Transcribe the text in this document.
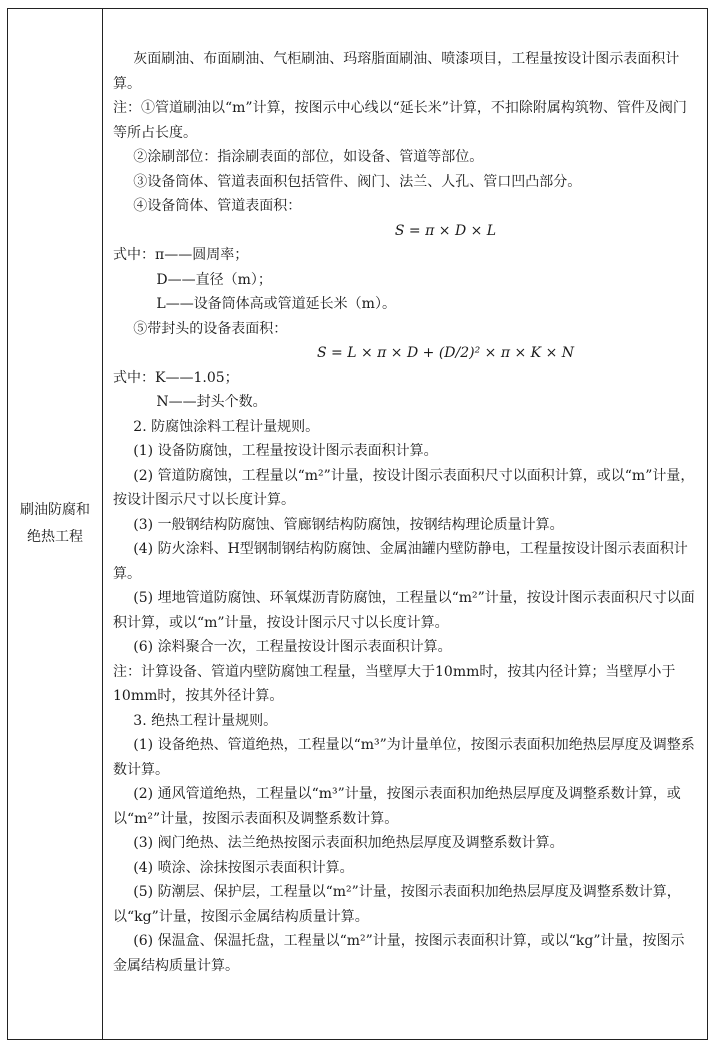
刷油防腐和绝热工程

灰面刷油、布面刷油、气柜刷油、玛瑢脂面刷油、喷漆项目，工程量按设计图示表面积计算。

注：①管道刷油以“m”计算，按图示中心线以“延长米”计算，不扣除附属构筑物、管件及阀门等所占长度。

②涂刷部位：指涂刷表面的部位，如设备、管道等部位。

③设备筒体、管道表面积包括管件、阀门、法兰、人孔、管口凹凸部分。

④设备筒体、管道表面积：

S = π × D × L

式中：π——圆周率；

D——直径（m）；

L——设备筒体高或管道延长米（m）。

⑤带封头的设备表面积：

S = L × π × D + (D/2)² × π × K × N

式中：K——1.05；

N——封头个数。

2. 防腐蚀涂料工程计量规则。

(1) 设备防腐蚀，工程量按设计图示表面积计算。

(2) 管道防腐蚀，工程量以“m²”计量，按设计图示表面积尺寸以面积计算，或以“m”计量，按设计图示尺寸以长度计算。

(3) 一般钢结构防腐蚀、管廊钢结构防腐蚀，按钢结构理论质量计算。

(4) 防火涂料、H型钢制钢结构防腐蚀、金属油罐内壁防静电，工程量按设计图示表面积计算。

(5) 埋地管道防腐蚀、环氧煤沥青防腐蚀，工程量以“m²”计量，按设计图示表面积尺寸以面积计算，或以“m”计量，按设计图示尺寸以长度计算。

(6) 涂料聚合一次，工程量按设计图示表面积计算。

注：计算设备、管道内壁防腐蚀工程量，当壁厚大于10mm时，按其内径计算；当壁厚小于10mm时，按其外径计算。

3. 绝热工程计量规则。

(1) 设备绝热、管道绝热，工程量以“m³”为计量单位，按图示表面积加绝热层厚度及调整系数计算。

(2) 通风管道绝热，工程量以“m³”计量，按图示表面积加绝热层厚度及调整系数计算，或以“m²”计量，按图示表面积及调整系数计算。

(3) 阀门绝热、法兰绝热按图示表面积加绝热层厚度及调整系数计算。

(4) 喷涂、涂抹按图示表面积计算。

(5) 防潮层、保护层，工程量以“m²”计量，按图示表面积加绝热层厚度及调整系数计算，以“kg”计量，按图示金属结构质量计算。

(6) 保温盒、保温托盘，工程量以“m²”计量，按图示表面积计算，或以“kg”计量，按图示金属结构质量计算。
